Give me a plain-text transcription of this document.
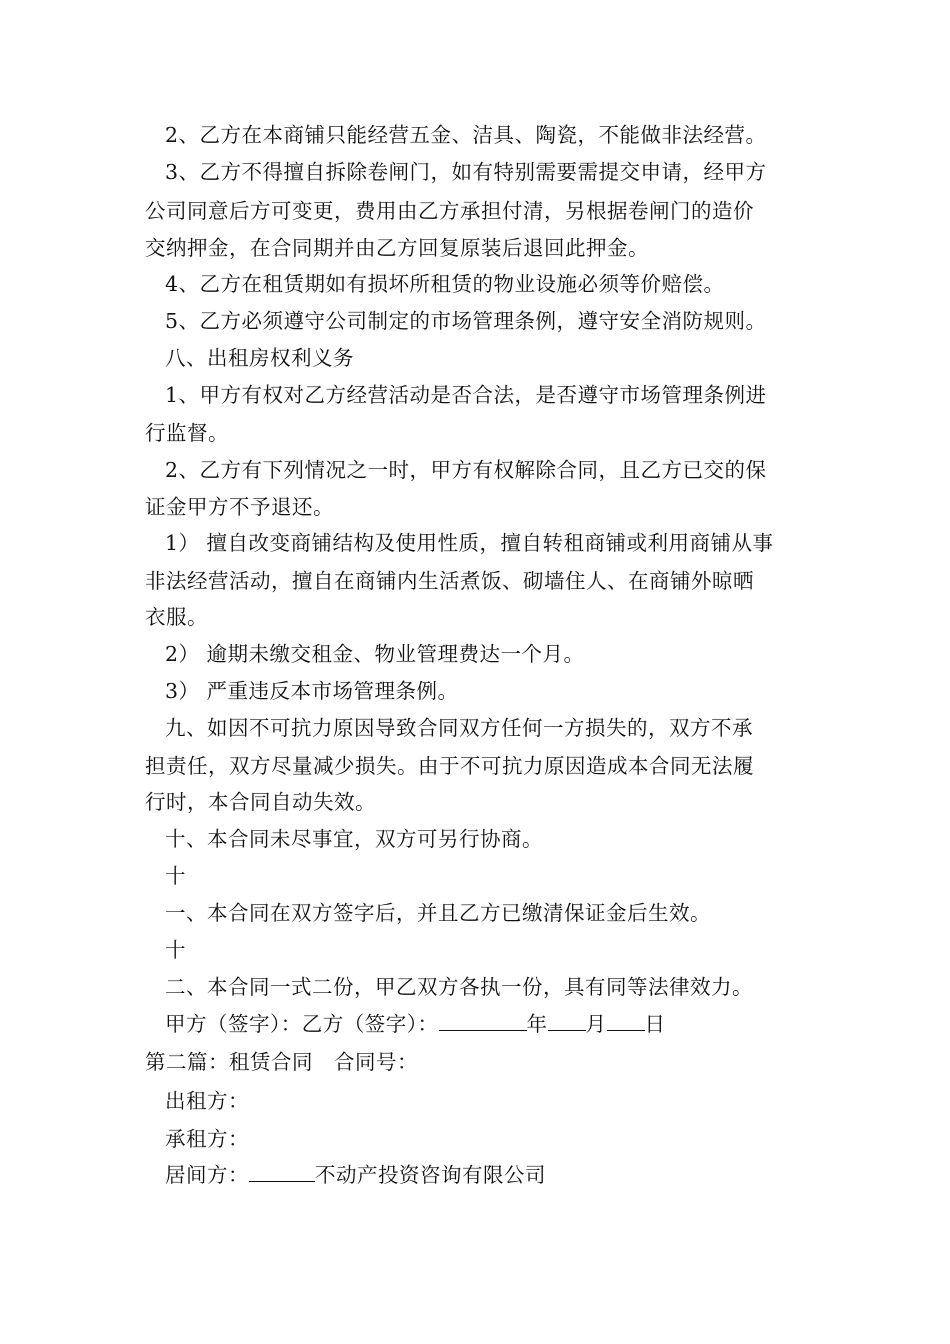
2、乙方在本商铺只能经营五金、洁具、陶瓷，不能做非法经营。
3、乙方不得擅自拆除卷闸门，如有特别需要需提交申请，经甲方
公司同意后方可变更，费用由乙方承担付清，另根据卷闸门的造价
交纳押金，在合同期并由乙方回复原装后退回此押金。
4、乙方在租赁期如有损坏所租赁的物业设施必须等价赔偿。
5、乙方必须遵守公司制定的市场管理条例，遵守安全消防规则。
八、出租房权利义务
1、甲方有权对乙方经营活动是否合法，是否遵守市场管理条例进
行监督。
2、乙方有下列情况之一时，甲方有权解除合同，且乙方已交的保
证金甲方不予退还。
1） 擅自改变商铺结构及使用性质，擅自转租商铺或利用商铺从事
非法经营活动，擅自在商铺内生活煮饭、砌墙住人、在商铺外晾晒
衣服。
2） 逾期未缴交租金、物业管理费达一个月。
3） 严重违反本市场管理条例。
九、如因不可抗力原因导致合同双方任何一方损失的，双方不承
担责任，双方尽量减少损失。由于不可抗力原因造成本合同无法履
行时，本合同自动失效。
十、本合同未尽事宜，双方可另行协商。
十
一、本合同在双方签字后，并且乙方已缴清保证金后生效。
十
二、本合同一式二份，甲乙双方各执一份，具有同等法律效力。
甲方（签字）：乙方（签字）：	年 月 日
第二篇：租赁合同　合同号：
出租方：
承租方：
居间方：	不动产投资咨询有限公司
